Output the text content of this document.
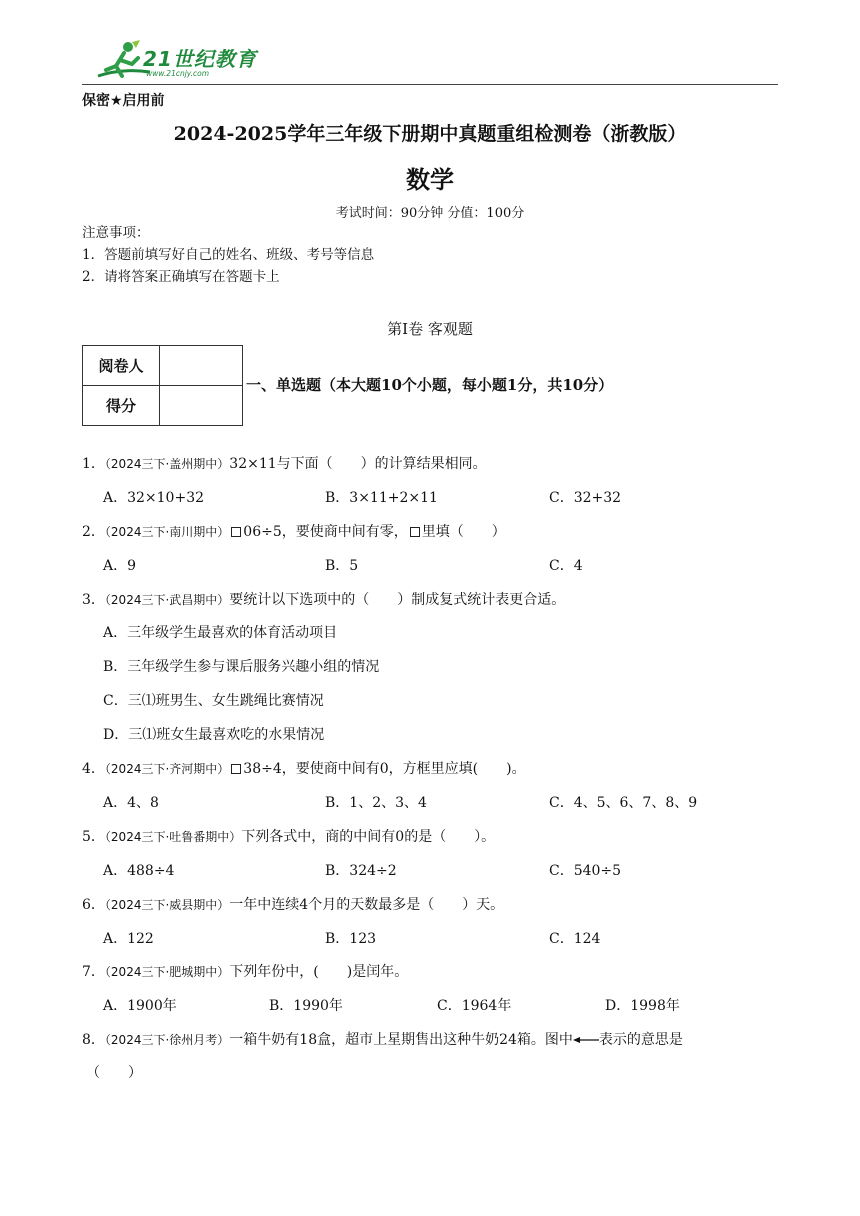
21世纪教育
www.21cnjy.com
保密★启用前
2024-2025学年三年级下册期中真题重组检测卷（浙教版）
数学
考试时间：90分钟 分值：100分
注意事项：
1．答题前填写好自己的姓名、班级、考号等信息
2．请将答案正确填写在答题卡上
第I卷 客观题
阅卷人	
得分	
一、单选题（本大题10个小题，每小题1分，共10分）
1．（2024三下·盖州期中）32×11与下面（　　）的计算结果相同。
A．32×10+32	B．3×11+2×11	C．32+32
2．（2024三下·南川期中） 06÷5，要使商中间有零， 里填（　　）
A．9	B．5	C．4
3．（2024三下·武昌期中）要统计以下选项中的（　　）制成复式统计表更合适。
A．三年级学生最喜欢的体育活动项目
B．三年级学生参与课后服务兴趣小组的情况
C．三⑴班男生、女生跳绳比赛情况
D．三⑴班女生最喜欢吃的水果情况
4．（2024三下·齐河期中） 38÷4，要使商中间有0，方框里应填(　　)。
A．4、8	B．1、2、3、4	C．4、5、6、7、8、9
5．（2024三下·吐鲁番期中）下列各式中，商的中间有0的是（　　）。
A．488÷4	B．324÷2	C．540÷5
6．（2024三下·威县期中）一年中连续4个月的天数最多是（　　）天。
A．122	B．123	C．124
7．（2024三下·肥城期中）下列年份中，(　　)是闰年。
A．1900年	B．1990年	C．1964年	D．1998年
8．（2024三下·徐州月考）一箱牛奶有18盒，超市上星期售出这种牛奶24箱。图中 表示的意思是
（　　）
